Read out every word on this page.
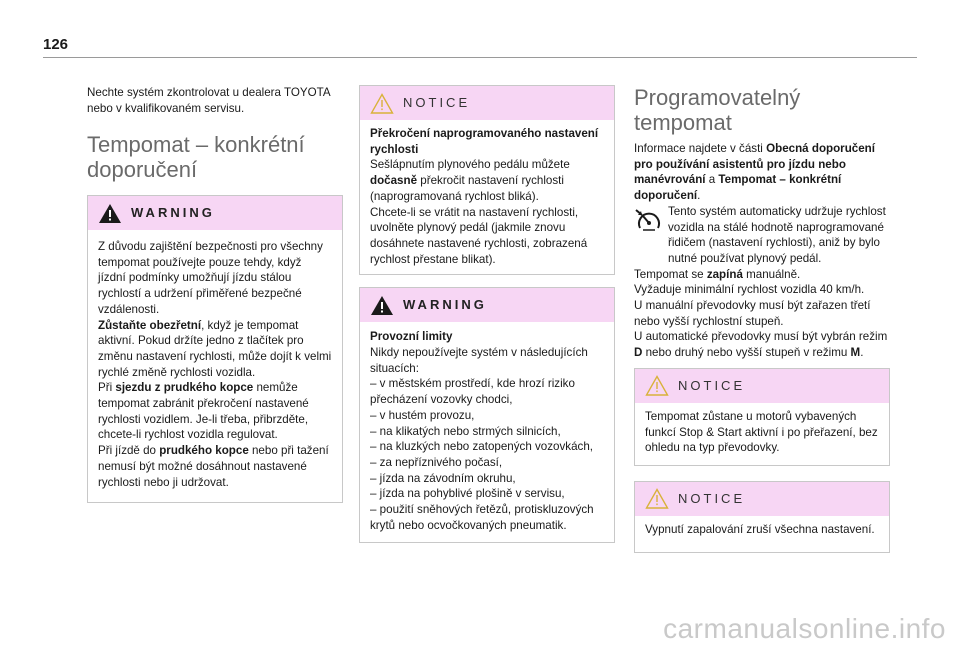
126

Nechte systém zkontrolovat u dealera TOYOTA nebo v kvalifikovaném servisu.

Tempomat – konkrétní
doporučení
WARNING

Z důvodu zajištění bezpečnosti pro všechny tempomat používejte pouze tehdy, když jízdní podmínky umožňují jízdu stálou rychlostí a udržení přiměřené bezpečné vzdálenosti.

Zůstaňte obezřetní, když je tempomat aktivní. Pokud držíte jedno z tlačítek pro změnu nastavení rychlosti, může dojít k velmi rychlé změně rychlosti vozidla.

Při sjezdu z prudkého kopce nemůže tempomat zabránit překročení nastavené rychlosti vozidlem. Je-li třeba, přibrzděte, chcete-li rychlost vozidla regulovat.

Při jízdě do prudkého kopce nebo při tažení nemusí být možné dosáhnout nastavené rychlosti nebo ji udržovat.

NOTICE

Překročení naprogramovaného nastavení rychlosti

Sešlápnutím plynového pedálu můžete dočasně překročit nastavení rychlosti (naprogramovaná rychlost bliká).

Chcete-li se vrátit na nastavení rychlosti, uvolněte plynový pedál (jakmile znovu dosáhnete nastavené rychlosti, zobrazená rychlost přestane blikat).

WARNING

Provozní limity

Nikdy nepoužívejte systém v následujících situacích:

– v městském prostředí, kde hrozí riziko přecházení vozovky chodci,

– v hustém provozu,

– na klikatých nebo strmých silnicích,

– na kluzkých nebo zatopených vozovkách,

– za nepříznivého počasí,

– jízda na závodním okruhu,

– jízda na pohyblivé plošině v servisu,

– použití sněhových řetězů, protiskluzových krytů nebo ocvočkovaných pneumatik.

Programovatelný
tempomat

Informace najdete v části Obecná doporučení pro používání asistentů pro jízdu nebo manévrování a Tempomat – konkrétní doporučení.

Tento systém automaticky udržuje rychlost vozidla na stálé hodnotě naprogramované řidičem (nastavení rychlosti), aniž by bylo nutné používat plynový pedál.

Tempomat se zapíná manuálně.

Vyžaduje minimální rychlost vozidla 40 km/h.

U manuální převodovky musí být zařazen třetí nebo vyšší rychlostní stupeň.

U automatické převodovky musí být vybrán režim D nebo druhý nebo vyšší stupeň v režimu M.

NOTICE

Tempomat zůstane u motorů vybavených funkcí Stop & Start aktivní i po přeřazení, bez ohledu na typ převodovky.

NOTICE

Vypnutí zapalování zruší všechna nastavení.

carmanualsonline.info
